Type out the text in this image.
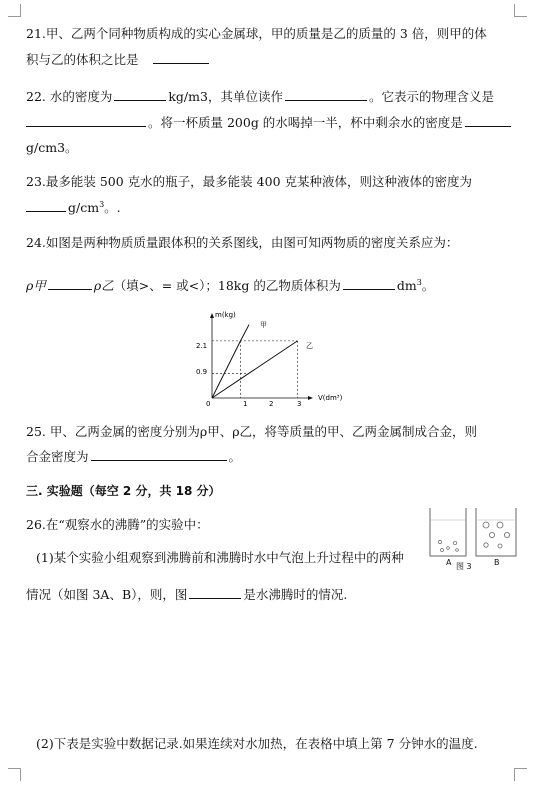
21.甲、乙两个同种物质构成的实心金属球，甲的质量是乙的质量的 3 倍，则甲的体
积与乙的体积之比是
22. 水的密度为	kg/m3，其单位读作	。它表示的物理含义是
。将一杯质量 200g 的水喝掉一半，杯中剩余水的密度是
g/cm3。
23.最多能装 500 克水的瓶子，最多能装 400 克某种液体，则这种液体的密度为
$g/cm^3$。.
24.如图是两种物质质量跟体积的关系图线，由图可知两物质的密度关系应为：
ρ甲	ρ乙（填>、= 或<）；18kg 的乙物质体积为	$dm^3$。
m(kg)
V(dm³)
甲
乙
2.1
0.9
0	1	2	3
25. 甲、乙两金属的密度分别为ρ甲、ρ乙，将等质量的甲、乙两金属制成合金，则
合金密度为	。
三. 实验题（每空 2 分，共 18 分）
26.在“观察水的沸腾”的实验中：
(1)某个实验小组观察到沸腾前和沸腾时水中气泡上升过程中的两种
情况（如图 3A、B），则，图	是水沸腾时的情况.
(2)下表是实验中数据记录.如果连续对水加热，在表格中填上第 7 分钟水的温度.
A 图 3	B
